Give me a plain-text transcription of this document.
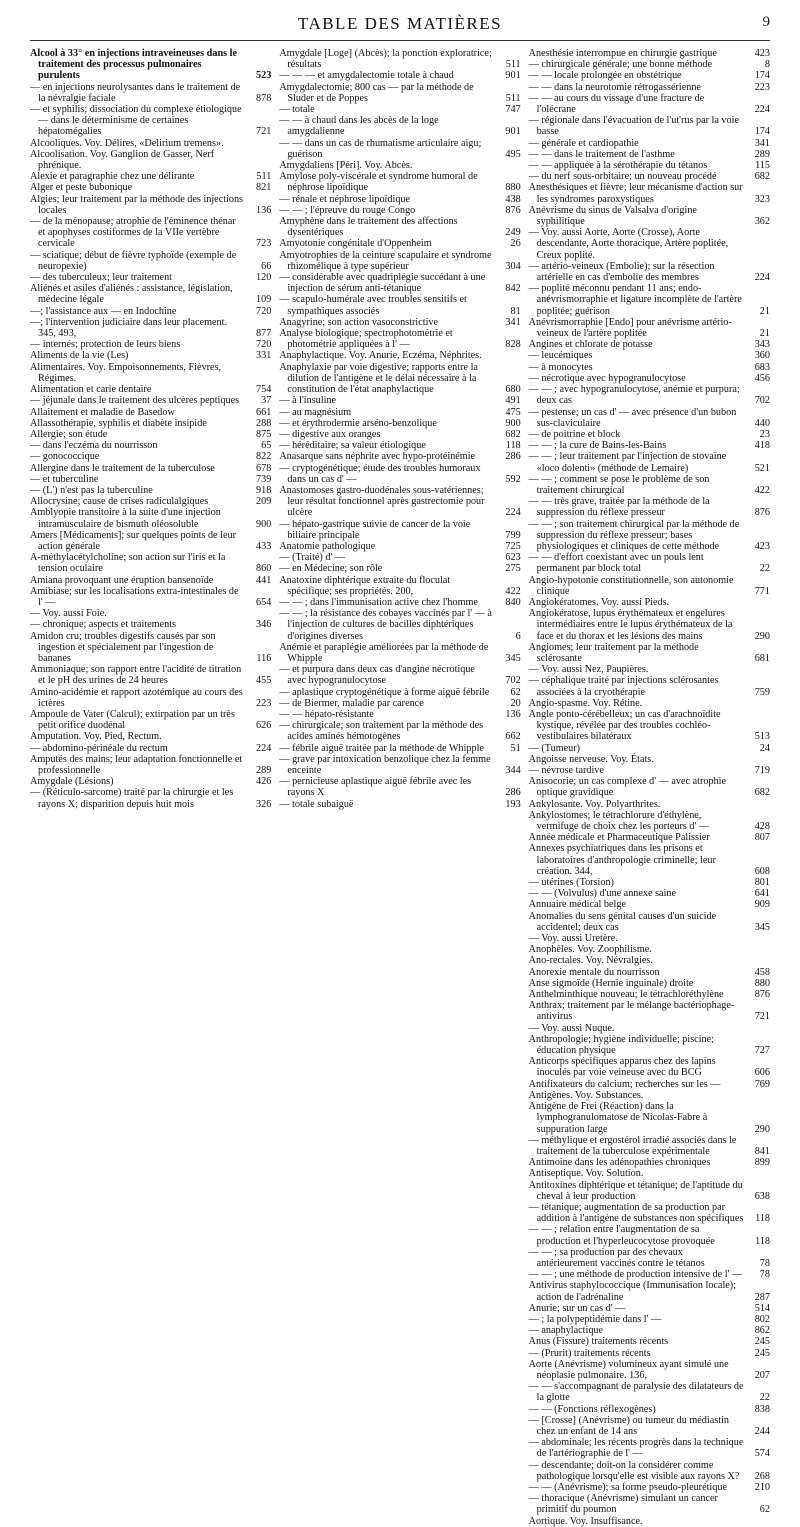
TABLE DES MATIÈRES	9
Alcool à 33° en injections intraveineuses dans le traitement des processus pulmonaires purulents	523
— en injections neurolysantes dans le traitement de la névralgie faciale	878
— et syphilis; dissociation du complexe étiologique — dans le déterminisme de certaines hépatomégalies	721
Alcooliques. Voy. Délires, «Delirium tremens».
Alcoolisation. Voy. Ganglion de Gasser, Nerf phrénique.
Alexie et paragraphie chez une délirante	511
Alger et peste bubonique	821
Algies; leur traitement par la méthode des injections locales	136
— de la ménopause; atrophie de l'éminence thénar et apophyses costiformes de la VIIe vertèbre cervicale	723
— sciatique; début de fièvre typhoïde (exemple de neuropexie)	66
— des tuberculeux; leur traitement	120
Aliénés et asiles d'aliénés : assistance, législation, médecine légale	109
—; l'assistance aux — en Indochine	720
—; l'intervention judiciaire dans leur placement. 345, 493,	877
— internés; protection de leurs biens	720
Aliments de la vie (Les)	331
Alimentaires. Voy. Empoisonnements, Fièvres, Régimes.
Alimentation et carie dentaire	754
— jéjunale dans le traitement des ulcères peptiques	37
Allaitement et maladie de Basedow	661
Allassothérapie, syphilis et diabète insipide	288
Allergie; son étude	875
— dans l'eczéma du nourrisson	65
— gonococcique	822
Allergine dans le traitement de la tuberculose	678
— et tuberculine	739
— (L') n'est pas la tuberculine	918
Allocrysine; cause de crises radiculalgiques	209
Amblyopie transitoire à la suite d'une injection intramusculaire de bismuth oléosoluble	900
Amers [Médicaments]; sur quelques points de leur action générale	433
A-méthylacétylcholine; son action sur l'iris et la tension oculaire	860
Amiana provoquant une éruption bansenoïde	441
Amibiase; sur les localisations extra-intestinales de l' —	654
— Voy. aussi Foie.
— chronique; aspects et traitements	346
Amidon cru; troubles digestifs causés par son ingestion et spécialement par l'ingestion de bananes	116
Ammoniaque; son rapport entre l'acidité de titration et le pH des urines de 24 heures	455
Amino-acidémie et rapport azotémique au cours des ictères	223
Ampoule de Vater (Calcul); extirpation par un très petit orifice duodénal	626
Amputation. Voy. Pied, Rectum.
— abdomino-périnéale du rectum	224
Amputés des mains; leur adaptation fonctionnelle et professionnelle	289
Amygdale (Lésions)	426
— (Réticulo-sarcome) traité par la chirurgie et les rayons X; disparition depuis huit mois	326
Amygdale [Loge] (Abcès); la ponction exploratrice; résultats	511
— — — et amygdalectomie totale à chaud	901
Amygdalectomie; 800 cas — par la méthode de Sluder et de Poppes	511
— totale	747
— — à chaud dans les abcès de la loge amygdalienne	901
— — dans un cas de rhumatisme articulaire aigu; guérison	495
Amygdaliens [Péri]. Voy. Abcès.
Amylose poly-viscérale et syndrome humoral de néphrose lipoïdique	880
— rénale et néphrose lipoïdique	438
— — ; l'épreuve du rouge Congo	876
Amyphène dans le traitement des affections dysentériques	249
Amyotonie congénitale d'Oppenheim	26
Amyotrophies de la ceinture scapulaire et syndrome rhizomélique à type supérieur	304
— considérable avec quadriplégie succédant à une injection de sérum anti-tétanique	842
— scapulo-humérale avec troubles sensitifs et sympathiques associés	81
Anagyrine; son action vasoconstrictive	341
Analyse biologique; spectrophotométrie et photométrie appliquées à l' —	828
Anaphylactique. Voy. Anurie, Eczéma, Néphrites.
Anaphylaxie par voie digestive; rapports entre la dilution de l'antigène et le délai nécessaire à la constitution de l'état anaphylactique	680
— à l'insuline	491
— au magnésium	475
— et érythrodermie arséno-benzolique	900
— digestive aux oranges	682
— héréditaire; sa valeur étiologique	118
Anasarque sans néphrite avec hypo-protéinémie	286
— cryptogénétique; étude des troubles humoraux dans un cas d' —	592
Anastomoses gastro-duodénales sous-vatériennes; leur résultat fonctionnel après gastrectomie pour ulcère	224
— hépato-gastrique suivie de cancer de la voie biliaire principale	799
Anatomie pathologique	725
— (Traité) d' —	623
— en Médecine; son rôle	275
Anatoxine diphtérique extraite du floculat spécifique; ses propriétés. 200,	422
— — ; dans l'immunisation active chez l'homme	840
— — ; la résistance des cobayes vaccinés par l' — à l'injection de cultures de bacilles diphtériques d'origines diverses	6
Anémie et paraplégie améliorées par la méthode de Whipple	345
— et purpura dans deux cas d'angine nécrotique avec hypogranulocytose	702
— aplastique cryptogénétique à forme aiguë fébrile	62
— de Biermer, maladie par carence	20
— — hépato-résistante	136
— chirurgicale; son traitement par la méthode des acides aminés hémotogènes	662
— fébrile aiguë traitée par la méthode de Whipple	51
— grave par intoxication benzolique chez la femme enceinte	344
— pernicieuse aplastique aiguë fébrile avec les rayons X	286
— totale subaiguë	193
Anesthésie interrompue en chirurgie gastrique	423
— chirurgicale générale; une bonne méthode	8
— — locale prolongée en obstétrique	174
— — dans la neurotomie rétrogassérienne	223
— — au cours du vissage d'une fracture de l'olécrane	224
— régionale dans l'évacuation de l'ut'rus par la voie basse	174
— générale et cardiopathie	341
— — dans le traitement de l'asthme	289
— — appliquée à la sérothérapie du tétanos	115
— du nerf sous-orbitaire; un nouveau procédé	682
Anesthésiques et fièvre; leur mécanisme d'action sur les syndromes paroxystiques	323
Anévrisme du sinus de Valsalva d'origine syphilitique	362
— Voy. aussi Aorte, Aorte (Crosse), Aorte descendante, Aorte thoracique, Artère poplitée, Creux poplité.
— artério-veineux (Embolie); sur la résection artérielle en cas d'embolie des membres	224
— poplité méconnu pendant 11 ans; endo-anévrismorraphie et ligature incomplète de l'artère poplitée; guérison	21
Anévrismorraphie [Endo] pour anévrisme artério-veineux de l'artère poplitée	21
Angines et chlorate de potasse	343
— leucémiques	360
— à monocytes	683
— nécrotique avec hypogranulocytose	456
— — ; avec hypogranulocytose, anémie et purpura; deux cas	702
— pestense; un cas d' — avec présence d'un bubon sus-claviculaire	440
— de poitrine et block	23
— — ; la cure de Bains-les-Bains	418
— — ; leur traitement par l'injection de stovaïne «loco dolenti» (méthode de Lemaire)	521
— — ; comment se pose le problème de son traitement chirurgical	422
— — très grave, traitée par la méthode de la suppression du réflexe presseur	876
— — ; son traitement chirurgical par la méthode de suppression du réflexe presseur; bases physiologiques et cliniques de cette méthode	423
— — d'effort coexistant avec un pouls lent permanent par block total	22
Angio-hypotonie constitutionnelle, son autonomie clinique	771
Angiokératomes. Voy. aussi Pieds.
Angiokératose, lupus érythémateux et engelures intermédiaires entre le lupus érythémateux de la face et du thorax et les lésions des mains	290
Angiomes; leur traitement par la méthode sclérosante	681
— Voy. aussi Nez, Paupières.
— céphalique traité par injections sclérosantes associées à la cryothérapie	759
Angio-spasme. Voy. Rétine.
Angle ponto-cérébelleux; un cas d'arachnoïdite kystique, révélée par des troubles cochléo-vestibulaires bilatéraux	513
— (Tumeur)	24
Angoisse nerveuse. Voy. États.
— névrose tardive	719
Anisocorie; un cas complexe d' — avec atrophie optique gravidique	682
Ankylosante. Voy. Polyarthrites.
Ankylostomes; le tétrachlorure d'éthylène, vermifuge de choix chez les porteurs d' —	428
Année médicale et Pharmaceutique Palissier	807
Annexes psychiatriques dans les prisons et laboratoires d'anthropologie criminelle; leur création. 344,	608
— utérines (Torsion)	801
— — (Volvulus) d'une annexe saine	641
Annuaire médical belge	909
Anomalies du sens génital causes d'un suicide accidentel; deux cas	345
— Voy. aussi Uretère.
Anophèles. Voy. Zoophilisme.
Ano-rectales. Voy. Névralgies.
Anorexie mentale du nourrisson	458
Anse sigmoïde (Hernie inguinale) droite	880
Anthelminthique nouveau; le tétrachloréthylène	876
Anthrax; traitement par le mélange bactériophage-antivirus	721
— Voy. aussi Nuque.
Anthropologie; hygiène individuelle; piscine; éducation physique	727
Anticorps spécifiques apparus chez des lapins inoculés par voie veineuse avec du BCG	606
Antifixateurs du calcium; recherches sur les —	769
Antigènes. Voy. Substances.
Antigène de Frei (Réaction) dans la lymphogranulomatose de Nicolas-Fabre à suppuration large	290
— méthylique et ergostérol irradié associés dans le traitement de la tuberculose expérimentale	841
Antimoine dans les adénopathies chroniques	899
Antiseptique. Voy. Solution.
Antitoxines diphtérique et tétanique; de l'aptitude du cheval à leur production	638
— tétanique; augmentation de sa production par addition à l'antigène de substances non spécifiques	118
— — ; relation entre l'augmentation de sa production et l'hyperleucocytose provoquée	118
— — ; sa production par des chevaux antérieurement vaccinés contre le tétanos	78
— — ; une méthode de production intensive de l' —	78
Antivirus staphylococcique (Immunisation locale); action de l'adrénaline	287
Anurie; sur un cas d' —	514
— ; la polypeptidémie dans l' —	802
— anaphylactique	862
Anus (Fissure) traitements récents	245
— (Prurit) traitements récents	245
Aorte (Anévrisme) volumineux ayant simulé une néoplasie pulmonaire. 136,	207
— — s'accompagnant de paralysie des dilatateurs de la glotte	22
— — (Fonctions réflexogènes)	838
— [Crosse] (Anévrisme) ou tumeur du médiastin chez un enfant de 14 ans	244
— abdominale; les récents progrès dans la technique de l'artériographie de l' —	574
— descendante; doit-on la considérer comme pathologique lorsqu'elle est visible aux rayons X?	268
— — (Anévrisme); sa forme pseudo-pleurétique	210
— thoracique (Anévrisme) simulant un cancer primitif du poumon	62
Aortique. Voy. Insuffisance.
